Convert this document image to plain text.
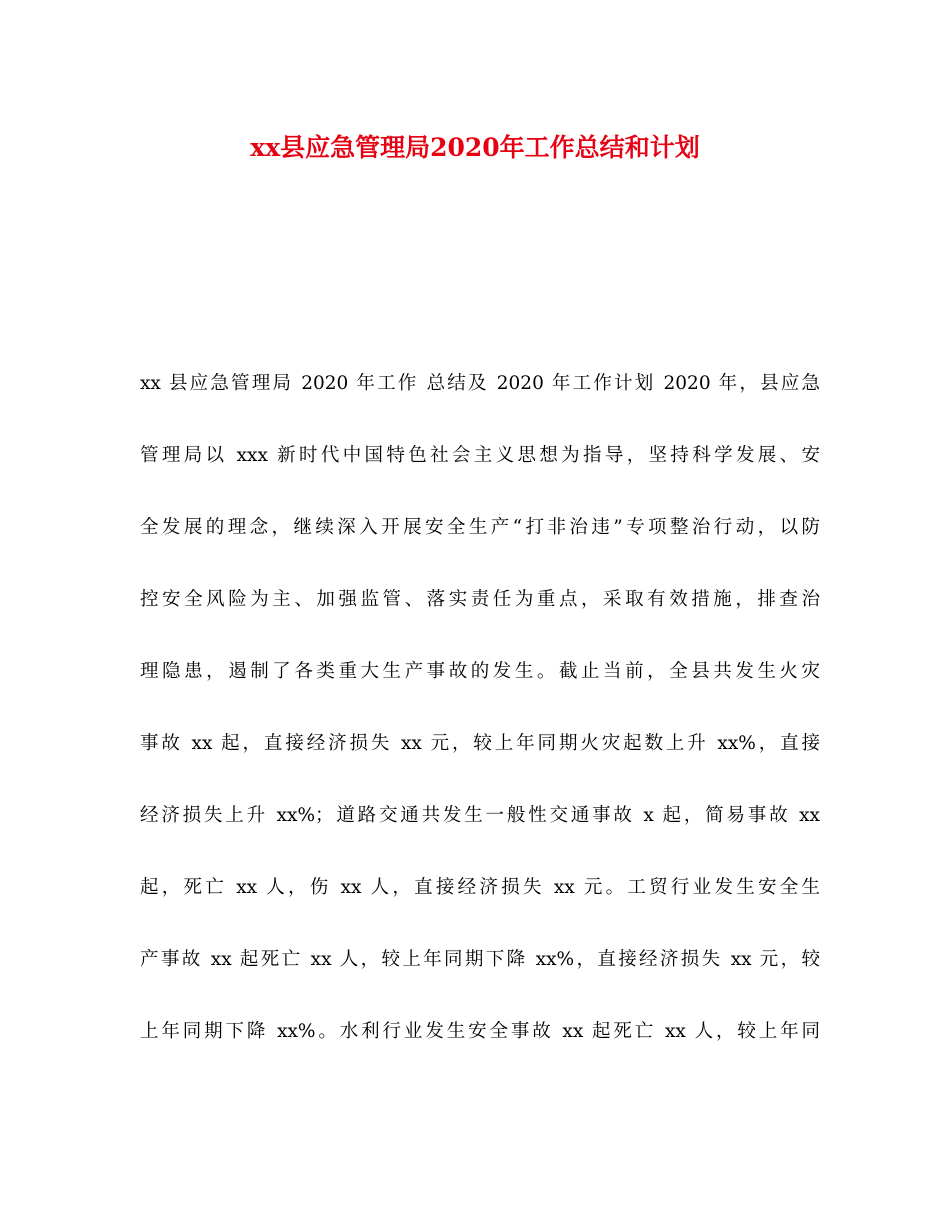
xx县应急管理局2020年工作总结和计划
xx 县应急管理局 2020 年工作 总结及 2020 年工作计划 2020 年，县应急
管理局以 xxx 新时代中国特色社会主义思想为指导，坚持科学发展、安
全发展的理念，继续深入开展安全生产“打非治违”专项整治行动，以防
控安全风险为主、加强监管、落实责任为重点，采取有效措施，排查治
理隐患，遏制了各类重大生产事故的发生。截止当前，全县共发生火灾
事故 xx 起，直接经济损失 xx 元，较上年同期火灾起数上升 xx%，直接
经济损失上升 xx%；道路交通共发生一般性交通事故 x 起，简易事故 xx
起，死亡 xx 人，伤 xx 人，直接经济损失 xx 元。工贸行业发生安全生
产事故 xx 起死亡 xx 人，较上年同期下降 xx%，直接经济损失 xx 元，较
上年同期下降 xx%。水利行业发生安全事故 xx 起死亡 xx 人，较上年同
